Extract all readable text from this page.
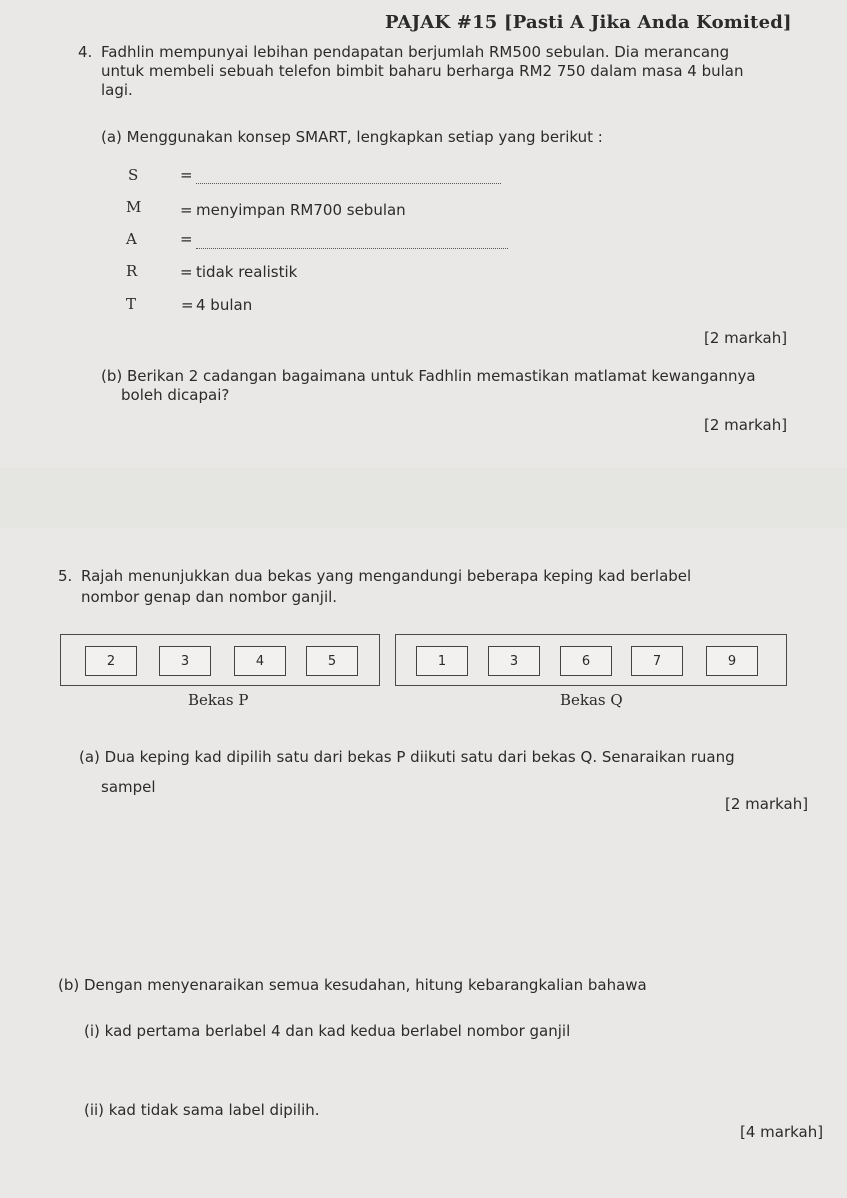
PAJAK #15 [Pasti A Jika Anda Komited]
4. Fadhlin mempunyai lebihan pendapatan berjumlah RM500 sebulan. Dia merancang
untuk membeli sebuah telefon bimbit baharu berharga RM2 750 dalam masa 4 bulan
lagi.
(a) Menggunakan konsep SMART, lengkapkan setiap yang berikut :
S	=
M	= menyimpan RM700 sebulan
A	=
R	= tidak realistik
T	= 4 bulan
[2 markah]
(b) Berikan 2 cadangan bagaimana untuk Fadhlin memastikan matlamat kewangannya
boleh dicapai?
[2 markah]
5. Rajah menunjukkan dua bekas yang mengandungi beberapa keping kad berlabel
nombor genap dan nombor ganjil.
2	3	4	5	1	3	6	7	9
Bekas P	Bekas Q
(a) Dua keping kad dipilih satu dari bekas P diikuti satu dari bekas Q. Senaraikan ruang
sampel
[2 markah]
(b) Dengan menyenaraikan semua kesudahan, hitung kebarangkalian bahawa
(i) kad pertama berlabel 4 dan kad kedua berlabel nombor ganjil
(ii) kad tidak sama label dipilih.
[4 markah]
